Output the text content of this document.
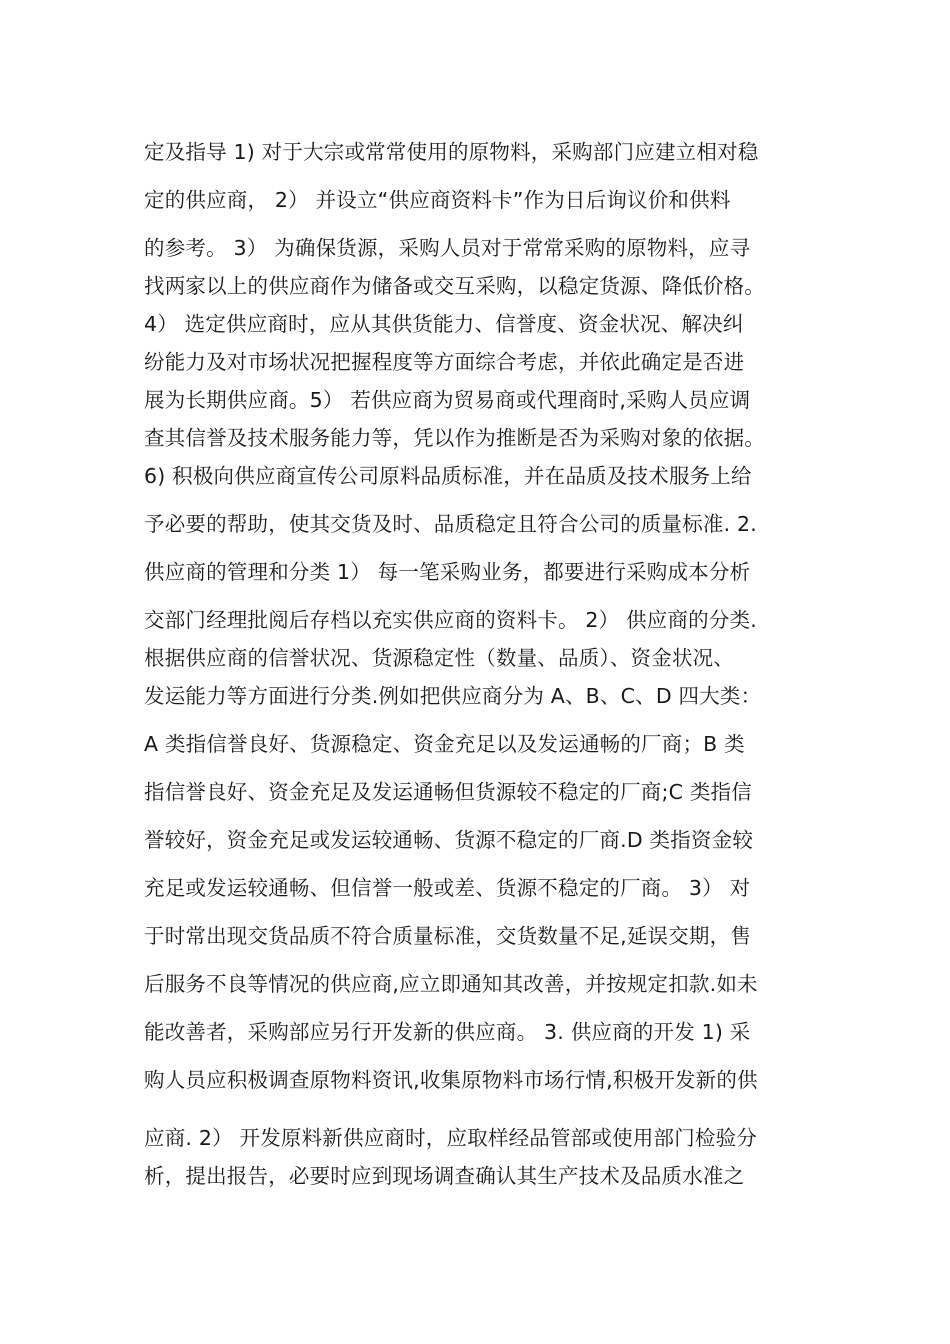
定及指导 1) 对于大宗或常常使用的原物料，采购部门应建立相对稳
定的供应商， 2） 并设立“供应商资料卡”作为日后询议价和供料
的参考。 3） 为确保货源，采购人员对于常常采购的原物料，应寻
找两家以上的供应商作为储备或交互采购，以稳定货源、降低价格。
4） 选定供应商时，应从其供货能力、信誉度、资金状况、解决纠
纷能力及对市场状况把握程度等方面综合考虑，并依此确定是否进
展为长期供应商。5） 若供应商为贸易商或代理商时,采购人员应调
查其信誉及技术服务能力等，凭以作为推断是否为采购对象的依据。
6) 积极向供应商宣传公司原料品质标准，并在品质及技术服务上给
予必要的帮助，使其交货及时、品质稳定且符合公司的质量标准. 2.
供应商的管理和分类 1） 每一笔采购业务，都要进行采购成本分析
交部门经理批阅后存档以充实供应商的资料卡。 2） 供应商的分类.
根据供应商的信誉状况、货源稳定性（数量、品质）、资金状况、
发运能力等方面进行分类.例如把供应商分为 A、B、C、D 四大类：
A 类指信誉良好、货源稳定、资金充足以及发运通畅的厂商；B 类
指信誉良好、资金充足及发运通畅但货源较不稳定的厂商;C 类指信
誉较好，资金充足或发运较通畅、货源不稳定的厂商.D 类指资金较
充足或发运较通畅、但信誉一般或差、货源不稳定的厂商。 3） 对
于时常出现交货品质不符合质量标准，交货数量不足,延误交期，售
后服务不良等情况的供应商,应立即通知其改善，并按规定扣款.如未
能改善者，采购部应另行开发新的供应商。 3. 供应商的开发 1) 采
购人员应积极调查原物料资讯,收集原物料市场行情,积极开发新的供
应商. 2） 开发原料新供应商时，应取样经品管部或使用部门检验分
析，提出报告，必要时应到现场调查确认其生产技术及品质水准之
